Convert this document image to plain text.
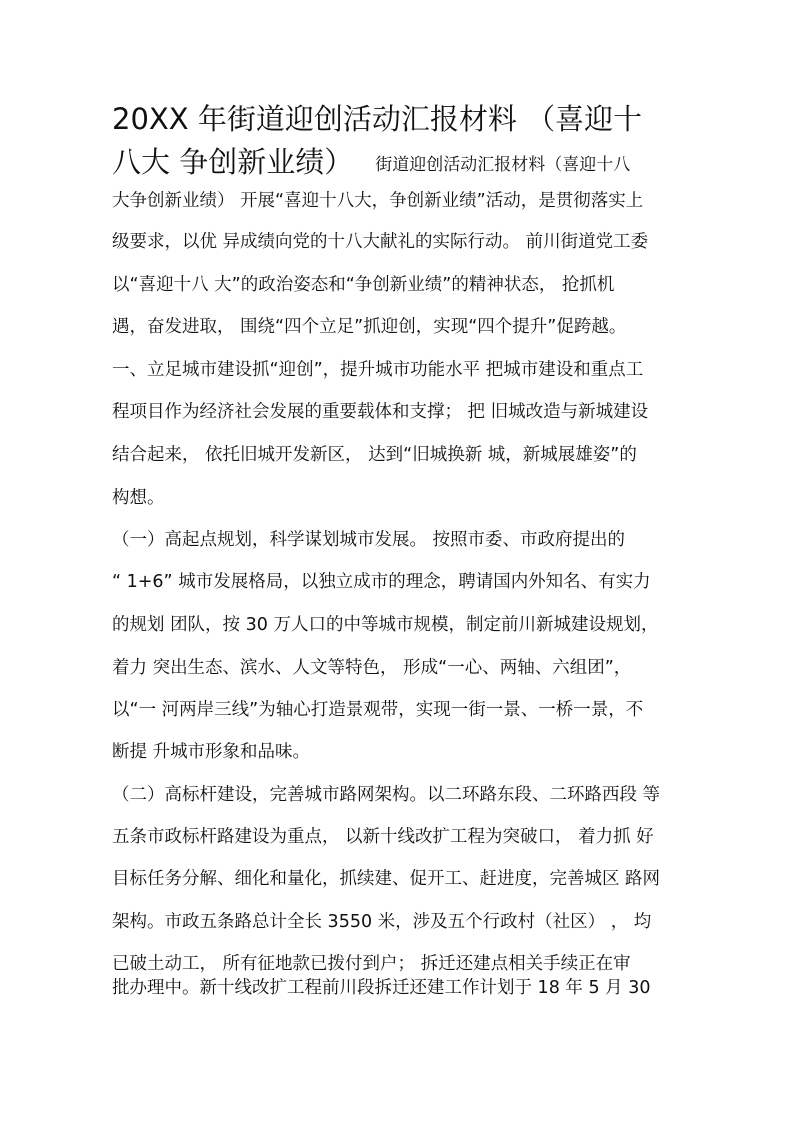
20XX 年街道迎创活动汇报材料 （喜迎十
八大 争创新业绩） 街道迎创活动汇报材料（喜迎十八
大争创新业绩） 开展“喜迎十八大，争创新业绩”活动，是贯彻落实上
级要求，以优 异成绩向党的十八大献礼的实际行动。 前川街道党工委
以“喜迎十八 大”的政治姿态和“争创新业绩”的精神状态， 抢抓机
遇，奋发进取， 围绕“四个立足”抓迎创，实现“四个提升”促跨越。
一、立足城市建设抓“迎创”，提升城市功能水平 把城市建设和重点工
程项目作为经济社会发展的重要载体和支撑； 把 旧城改造与新城建设
结合起来， 依托旧城开发新区， 达到“旧城换新 城，新城展雄姿”的
构想。
（一）高起点规划，科学谋划城市发展。 按照市委、市政府提出的
“ 1+6” 城市发展格局，以独立成市的理念，聘请国内外知名、有实力
的规划 团队，按 30 万人口的中等城市规模，制定前川新城建设规划，
着力 突出生态、滨水、人文等特色， 形成“一心、两轴、六组团”，
以“一 河两岸三线”为轴心打造景观带，实现一街一景、一桥一景，不
断提 升城市形象和品味。
（二）高标杆建设，完善城市路网架构。以二环路东段、二环路西段 等
五条市政标杆路建设为重点， 以新十线改扩工程为突破口， 着力抓 好
目标任务分解、细化和量化，抓续建、促开工、赶进度，完善城区 路网
架构。市政五条路总计全长 3550 米，涉及五个行政村（社区） ， 均
已破土动工， 所有征地款已拨付到户； 拆迁还建点相关手续正在审
批办理中。新十线改扩工程前川段拆迁还建工作计划于 18 年 5 月 30
